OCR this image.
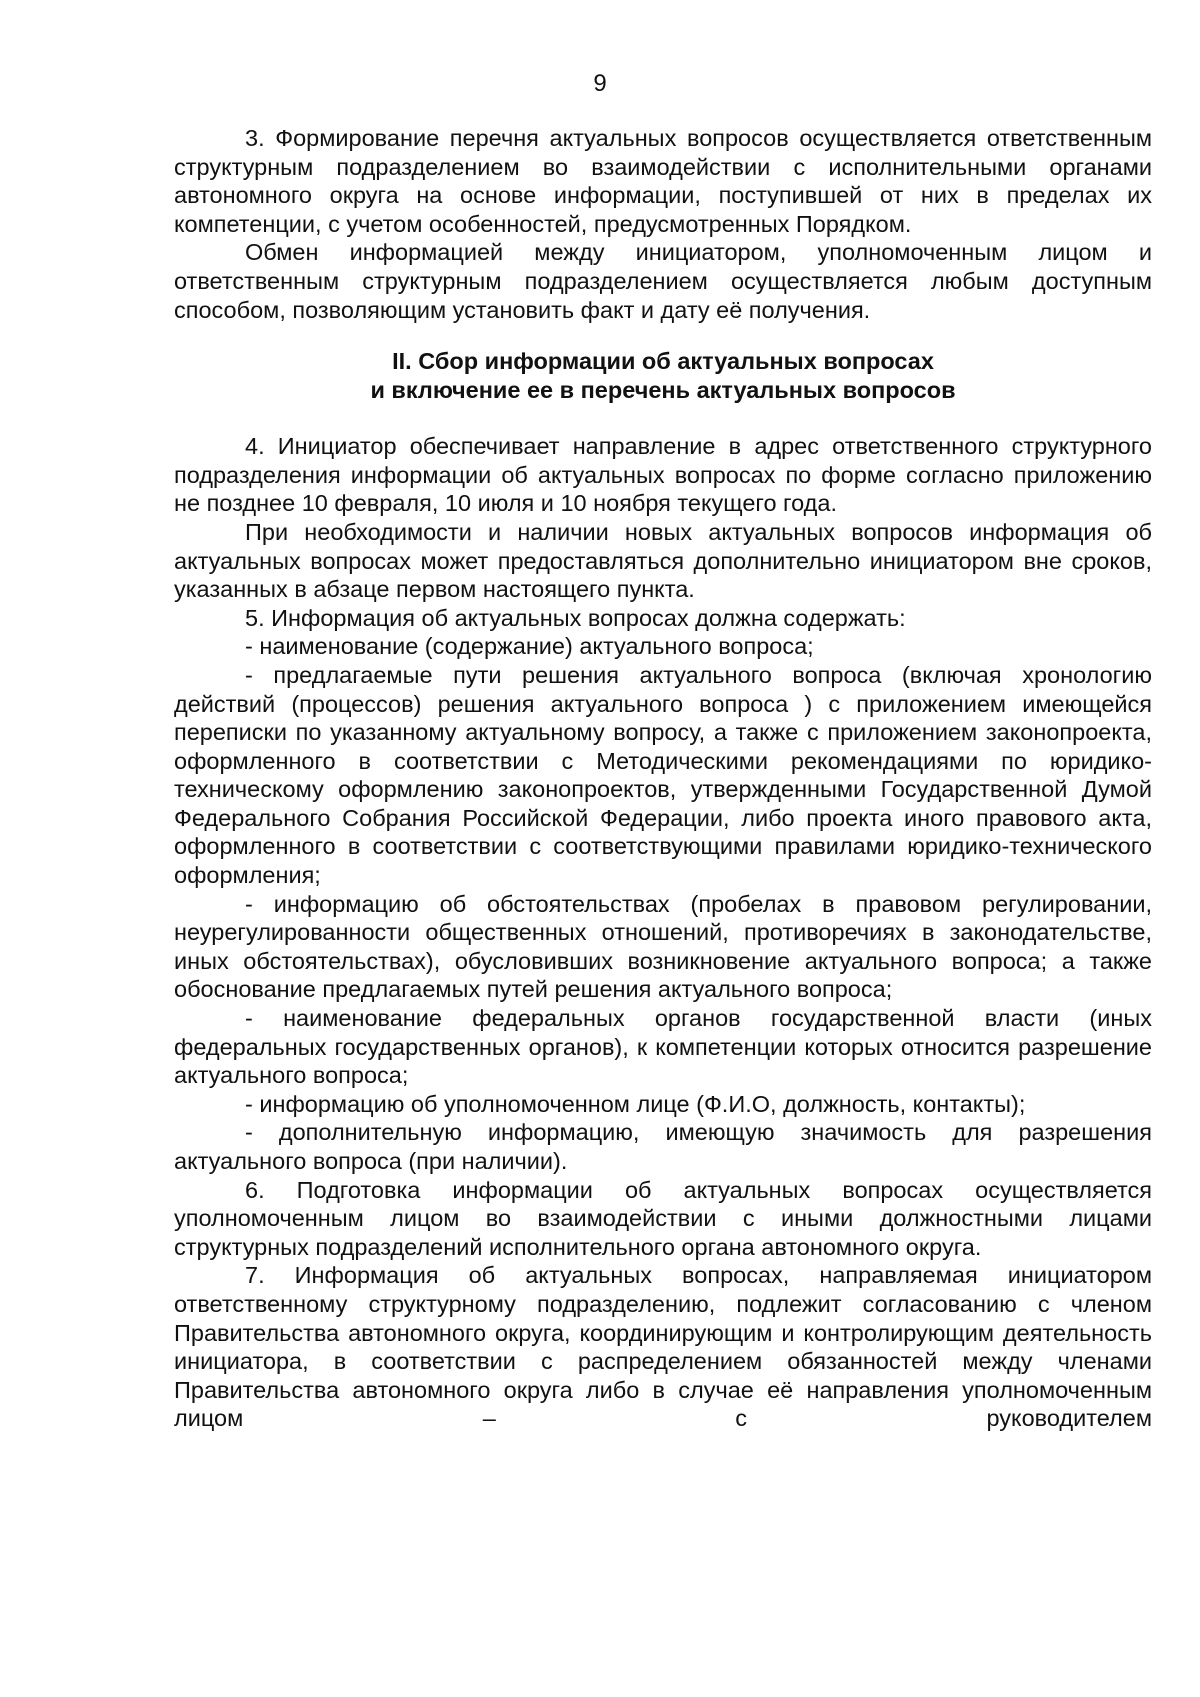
9

3. Формирование перечня актуальных вопросов осуществляется ответственным структурным подразделением во взаимодействии с исполнительными органами автономного округа на основе информации, поступившей от них в пределах их компетенции, с учетом особенностей, предусмотренных Порядком.

Обмен информацией между инициатором, уполномоченным лицом и ответственным структурным подразделением осуществляется любым доступным способом, позволяющим установить факт и дату её получения.

II. Сбор информации об актуальных вопросах
и включение ее в перечень актуальных вопросов

4. Инициатор обеспечивает направление в адрес ответственного структурного подразделения информации об актуальных вопросах по форме согласно приложению не позднее 10 февраля, 10 июля и 10 ноября текущего года.

При необходимости и наличии новых актуальных вопросов информация об актуальных вопросах может предоставляться дополнительно инициатором вне сроков, указанных в абзаце первом настоящего пункта.

5. Информация об актуальных вопросах должна содержать:

- наименование (содержание) актуального вопроса;

- предлагаемые пути решения актуального вопроса (включая хронологию действий (процессов) решения актуального вопроса ) с приложением имеющейся переписки по указанному актуальному вопросу, а также с приложением законопроекта, оформленного в соответствии с Методическими рекомендациями по юридико-техническому оформлению законопроектов, утвержденными Государственной Думой Федерального Собрания Российской Федерации, либо проекта иного правового акта, оформленного в соответствии с соответствующими правилами юридико-технического оформления;

- информацию об обстоятельствах (пробелах в правовом регулировании, неурегулированности общественных отношений, противоречиях в законодательстве, иных обстоятельствах), обусловивших возникновение актуального вопроса; а также обоснование предлагаемых путей решения актуального вопроса;

- наименование федеральных органов государственной власти (иных федеральных государственных органов), к компетенции которых относится разрешение актуального вопроса;

- информацию об уполномоченном лице (Ф.И.О, должность, контакты);

- дополнительную информацию, имеющую значимость для разрешения актуального вопроса (при наличии).

6. Подготовка информации об актуальных вопросах осуществляется уполномоченным лицом во взаимодействии с иными должностными лицами структурных подразделений исполнительного органа автономного округа.

7. Информация об актуальных вопросах, направляемая инициатором ответственному структурному подразделению, подлежит согласованию с членом Правительства автономного округа, координирующим и контролирующим деятельность инициатора, в соответствии с распределением обязанностей между членами Правительства автономного округа либо в случае её направления уполномоченным лицом – с руководителем
